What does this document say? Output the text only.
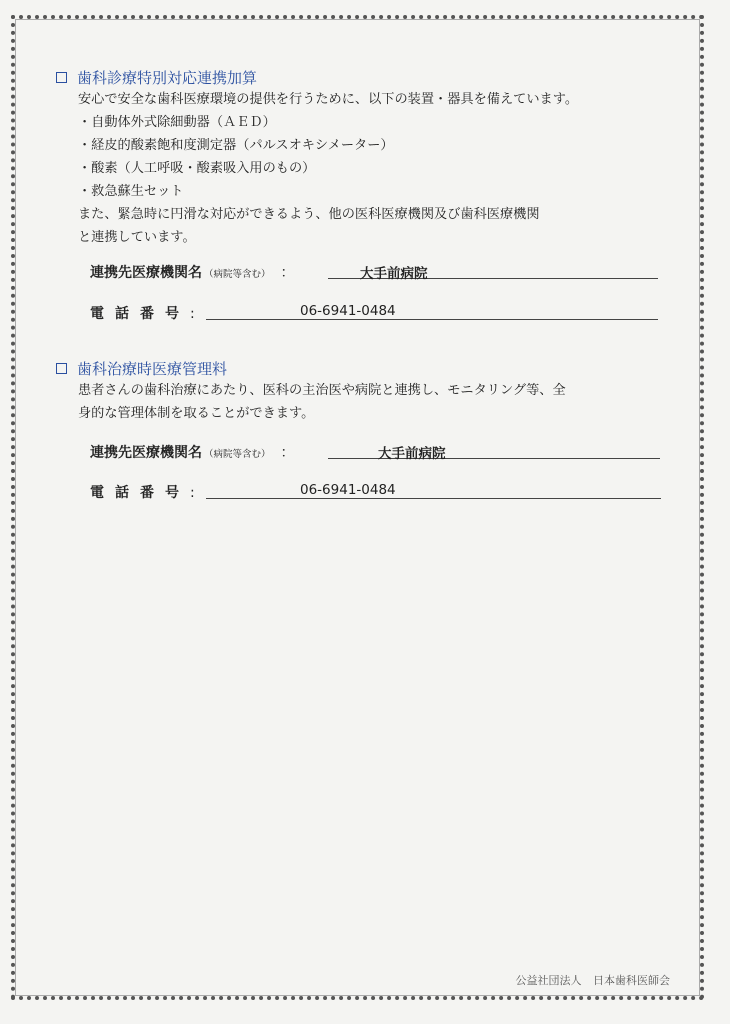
歯科診療特別対応連携加算

安心で安全な歯科医療環境の提供を行うために、以下の装置・器具を備えています。

・自動体外式除細動器（ＡＥＤ）

・経皮的酸素飽和度測定器（パルスオキシメーター）

・酸素（人工呼吸・酸素吸入用のもの）

・救急蘇生セット

また、緊急時に円滑な対応ができるよう、他の医科医療機関及び歯科医療機関

と連携しています。

連携先医療機関名 （病院等含む） ：	大手前病院
電話番号 :	06-6941-0484
歯科治療時医療管理料

患者さんの歯科治療にあたり、医科の主治医や病院と連携し、モニタリング等、全

身的な管理体制を取ることができます。

連携先医療機関名 （病院等含む） ：	大手前病院
電話番号 :	06-6941-0484
公益社団法人 日本歯科医師会
